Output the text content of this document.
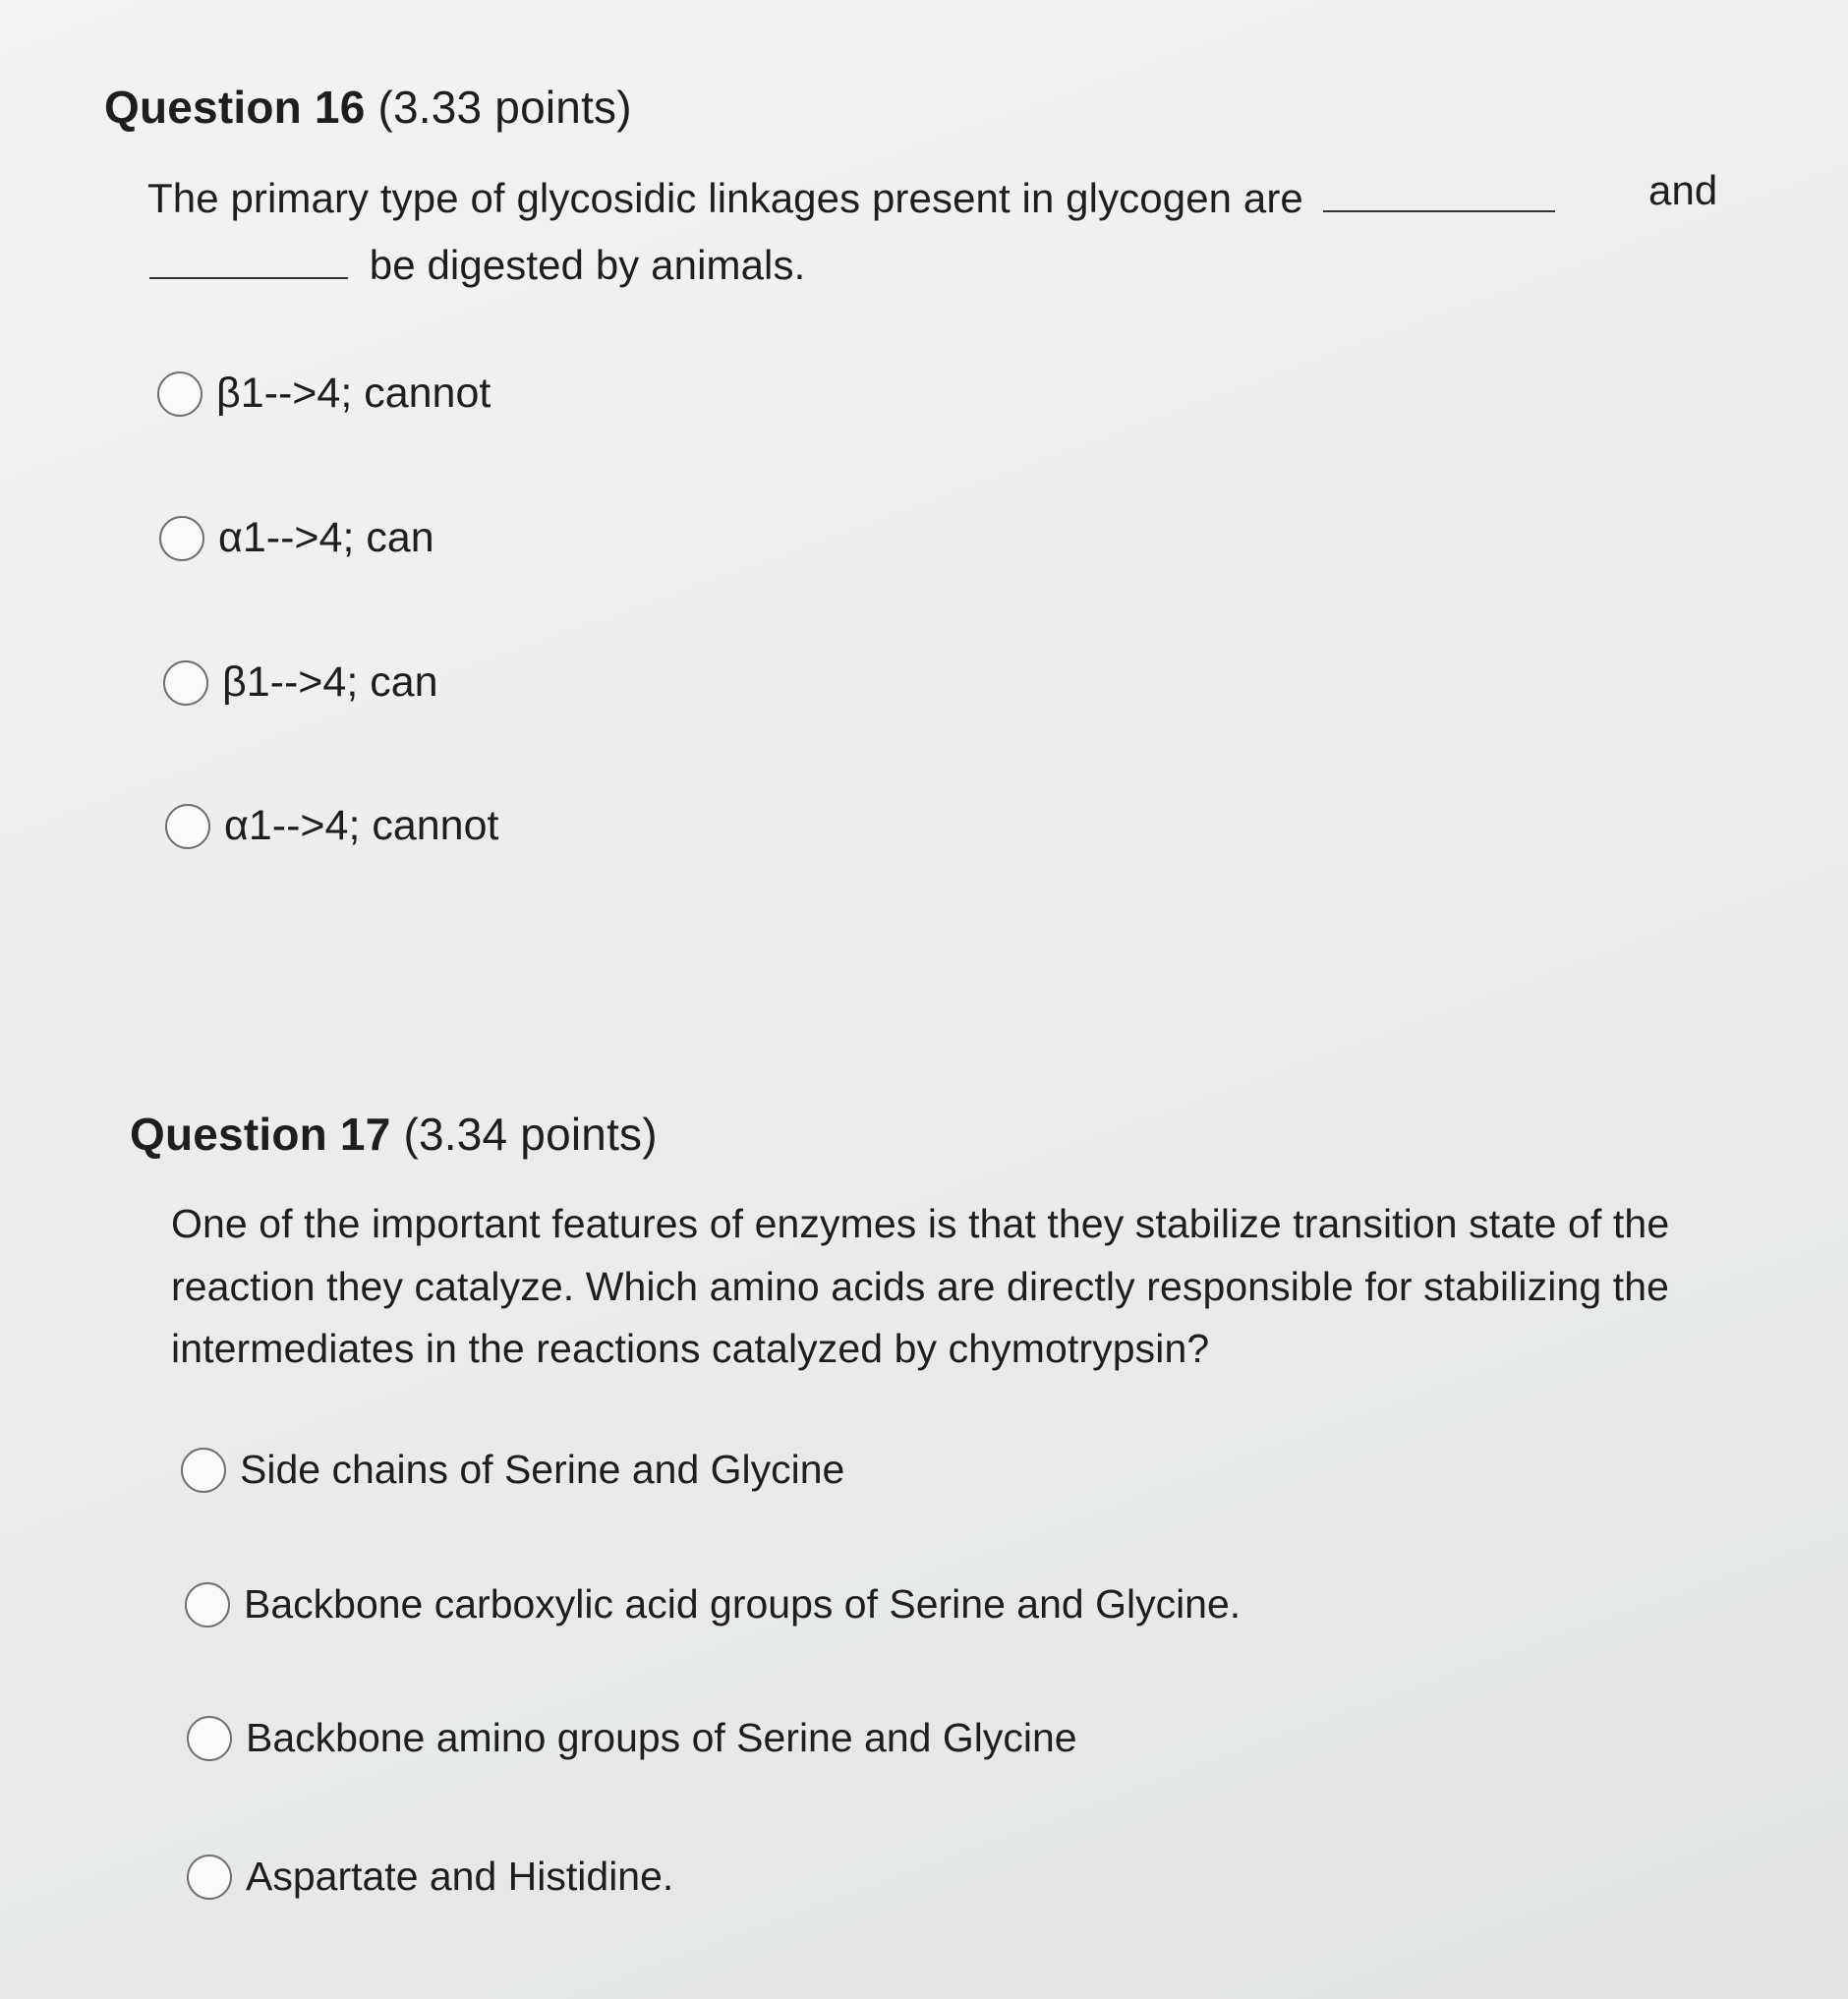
Question 16 (3.33 points)
The primary type of glycosidic linkages present in glycogen are	and
be digested by animals.
β1-->4; cannot
α1-->4; can
β1-->4; can
α1-->4; cannot
Question 17 (3.34 points)
One of the important features of enzymes is that they stabilize transition state of the
reaction they catalyze. Which amino acids are directly responsible for stabilizing the
intermediates in the reactions catalyzed by chymotrypsin?
Side chains of Serine and Glycine
Backbone carboxylic acid groups of Serine and Glycine.
Backbone amino groups of Serine and Glycine
Aspartate and Histidine.
